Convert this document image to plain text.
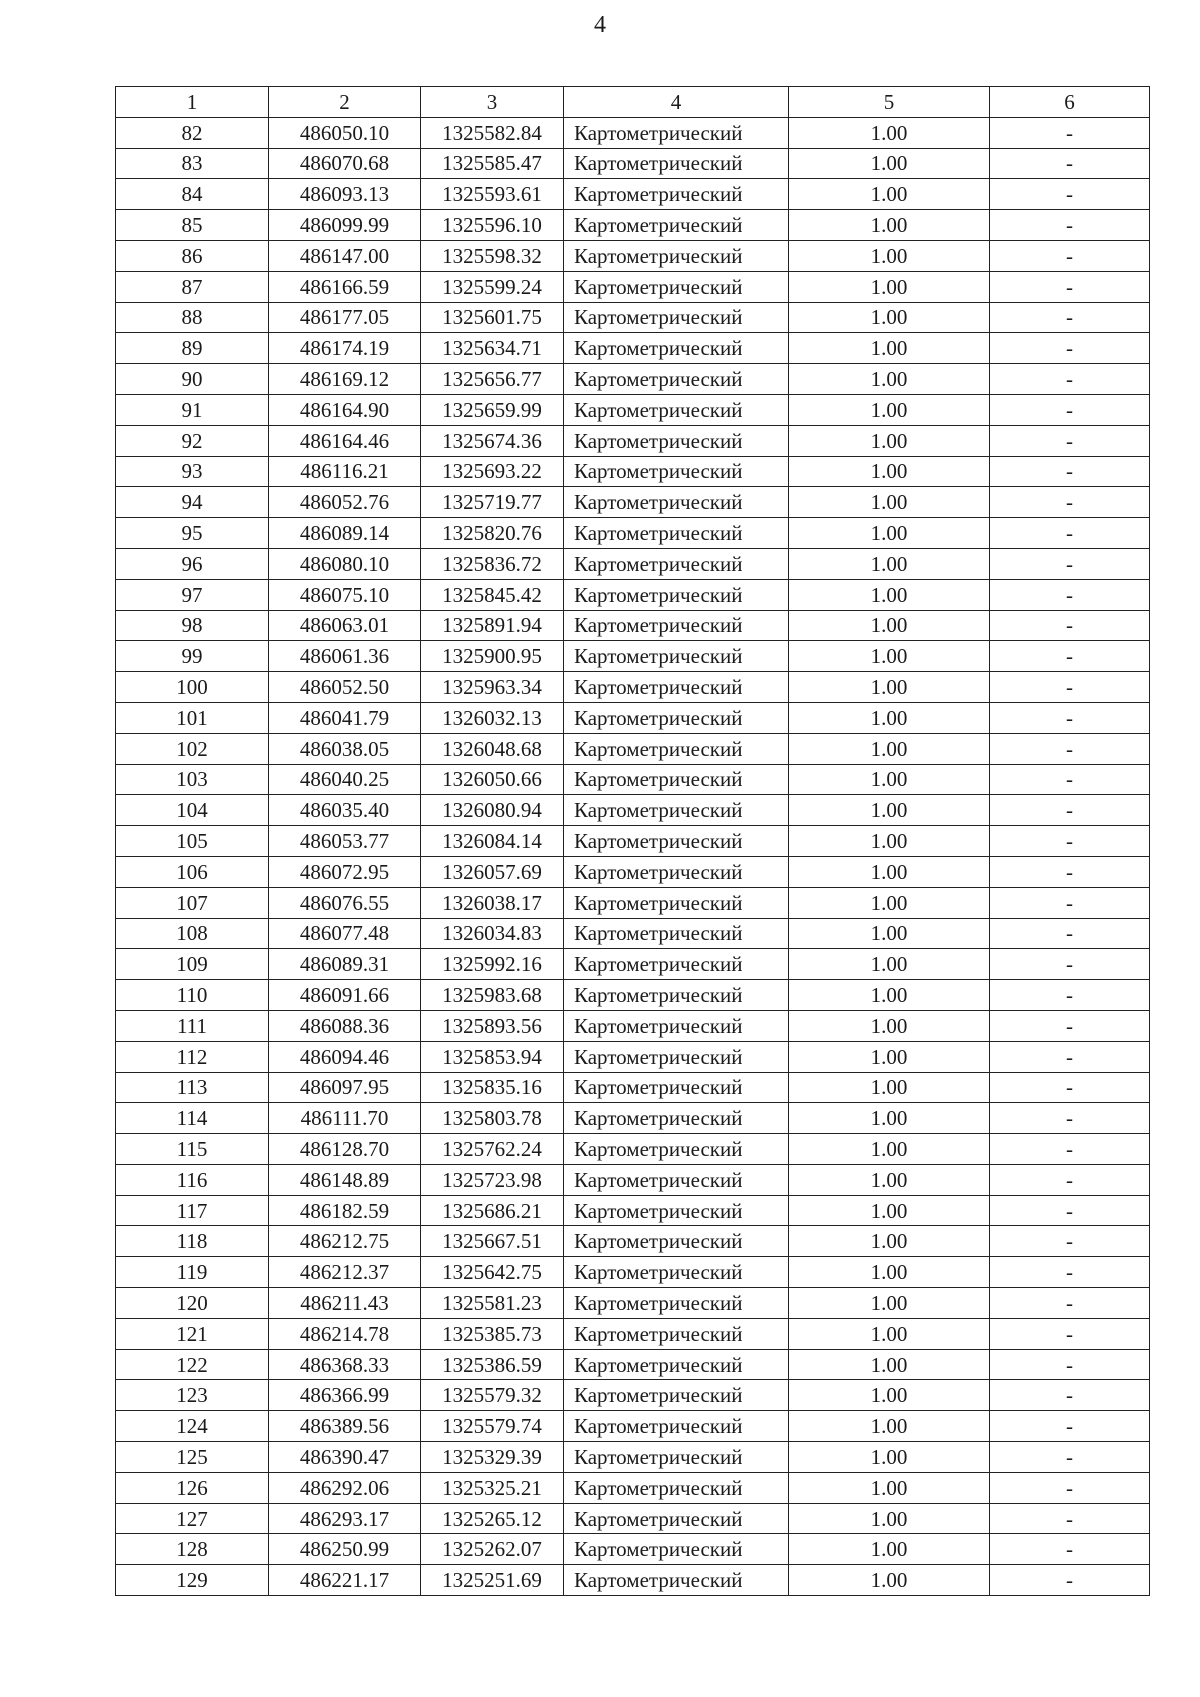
4
1	2	3	4	5	6
82	486050.10	1325582.84	Картометрический	1.00	-
83	486070.68	1325585.47	Картометрический	1.00	-
84	486093.13	1325593.61	Картометрический	1.00	-
85	486099.99	1325596.10	Картометрический	1.00	-
86	486147.00	1325598.32	Картометрический	1.00	-
87	486166.59	1325599.24	Картометрический	1.00	-
88	486177.05	1325601.75	Картометрический	1.00	-
89	486174.19	1325634.71	Картометрический	1.00	-
90	486169.12	1325656.77	Картометрический	1.00	-
91	486164.90	1325659.99	Картометрический	1.00	-
92	486164.46	1325674.36	Картометрический	1.00	-
93	486116.21	1325693.22	Картометрический	1.00	-
94	486052.76	1325719.77	Картометрический	1.00	-
95	486089.14	1325820.76	Картометрический	1.00	-
96	486080.10	1325836.72	Картометрический	1.00	-
97	486075.10	1325845.42	Картометрический	1.00	-
98	486063.01	1325891.94	Картометрический	1.00	-
99	486061.36	1325900.95	Картометрический	1.00	-
100	486052.50	1325963.34	Картометрический	1.00	-
101	486041.79	1326032.13	Картометрический	1.00	-
102	486038.05	1326048.68	Картометрический	1.00	-
103	486040.25	1326050.66	Картометрический	1.00	-
104	486035.40	1326080.94	Картометрический	1.00	-
105	486053.77	1326084.14	Картометрический	1.00	-
106	486072.95	1326057.69	Картометрический	1.00	-
107	486076.55	1326038.17	Картометрический	1.00	-
108	486077.48	1326034.83	Картометрический	1.00	-
109	486089.31	1325992.16	Картометрический	1.00	-
110	486091.66	1325983.68	Картометрический	1.00	-
111	486088.36	1325893.56	Картометрический	1.00	-
112	486094.46	1325853.94	Картометрический	1.00	-
113	486097.95	1325835.16	Картометрический	1.00	-
114	486111.70	1325803.78	Картометрический	1.00	-
115	486128.70	1325762.24	Картометрический	1.00	-
116	486148.89	1325723.98	Картометрический	1.00	-
117	486182.59	1325686.21	Картометрический	1.00	-
118	486212.75	1325667.51	Картометрический	1.00	-
119	486212.37	1325642.75	Картометрический	1.00	-
120	486211.43	1325581.23	Картометрический	1.00	-
121	486214.78	1325385.73	Картометрический	1.00	-
122	486368.33	1325386.59	Картометрический	1.00	-
123	486366.99	1325579.32	Картометрический	1.00	-
124	486389.56	1325579.74	Картометрический	1.00	-
125	486390.47	1325329.39	Картометрический	1.00	-
126	486292.06	1325325.21	Картометрический	1.00	-
127	486293.17	1325265.12	Картометрический	1.00	-
128	486250.99	1325262.07	Картометрический	1.00	-
129	486221.17	1325251.69	Картометрический	1.00	-
